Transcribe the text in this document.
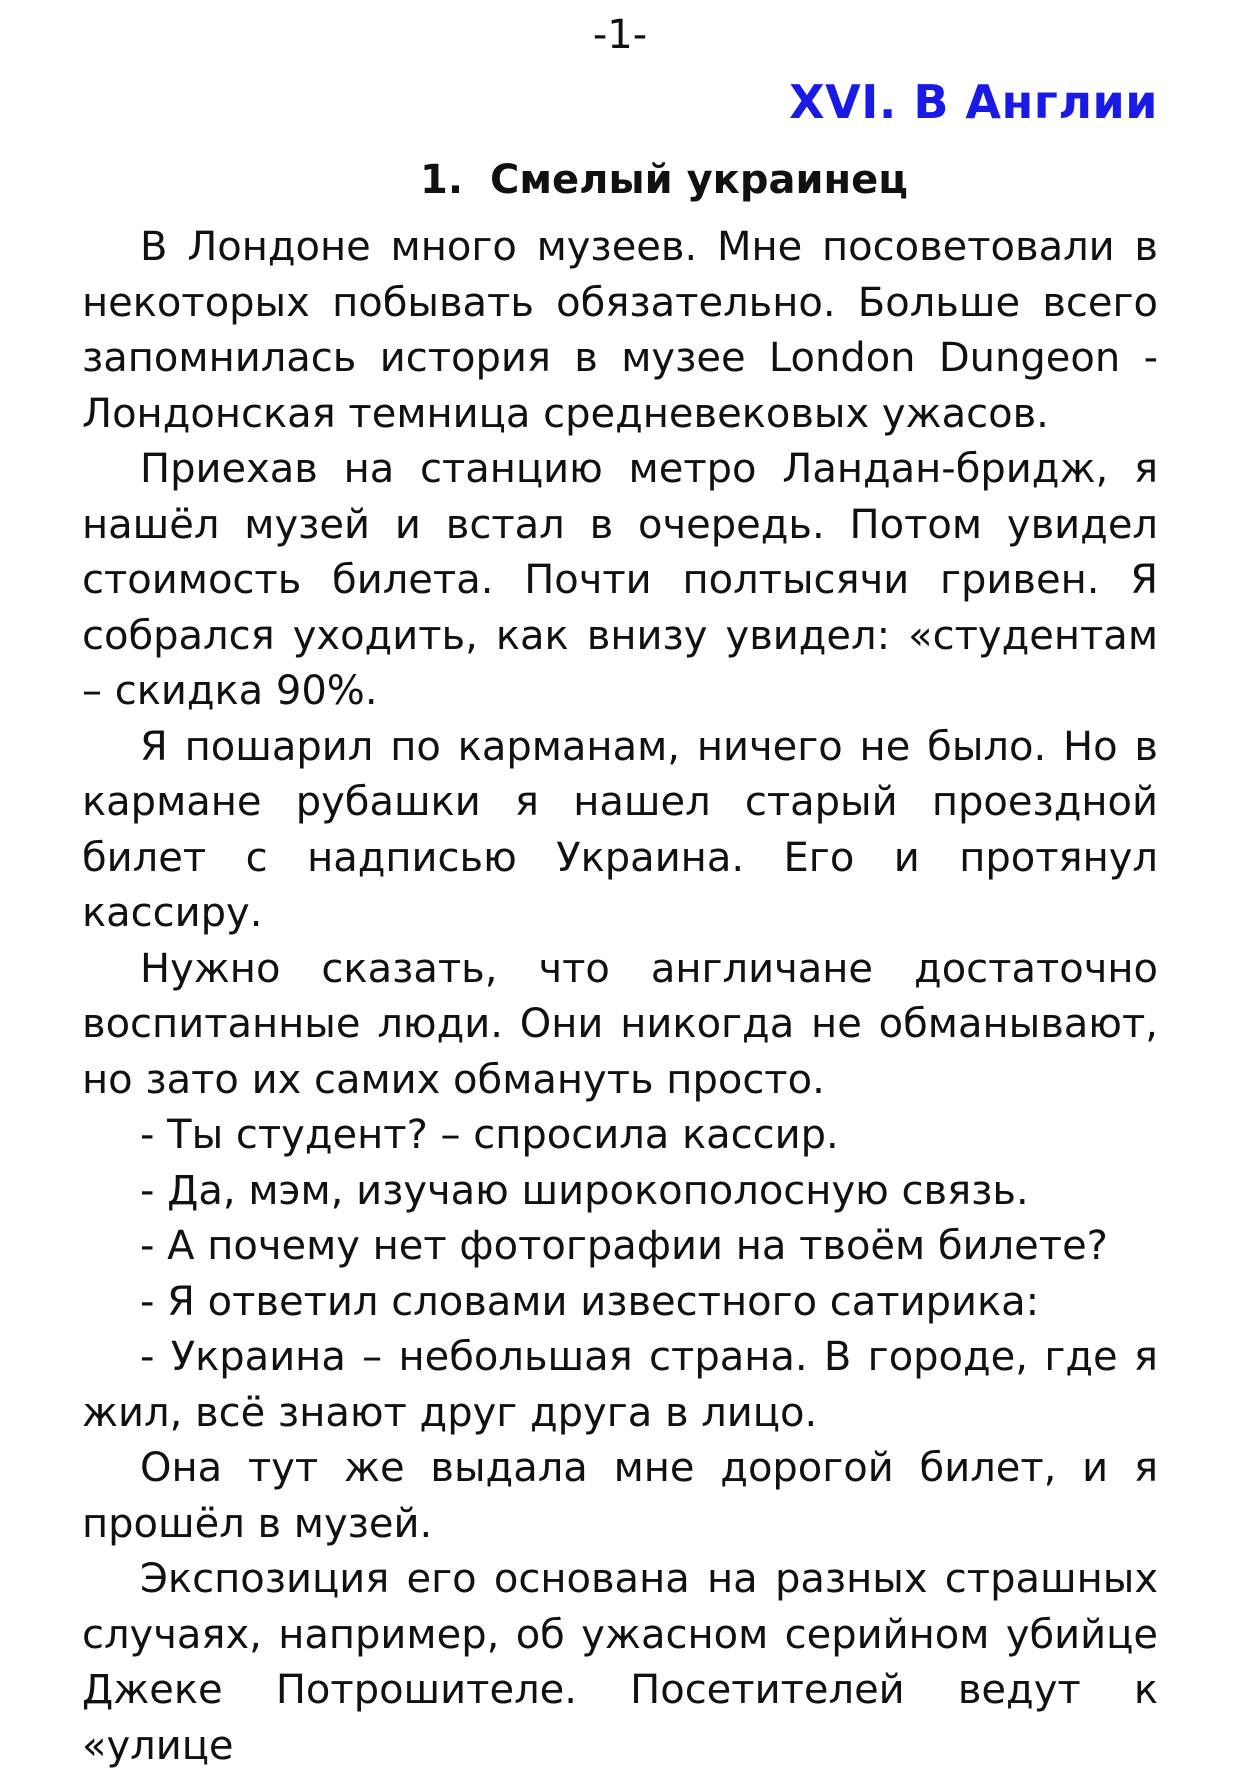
-1-
XVI. В Англии
1. Смелый украинец

В Лондоне много музеев. Мне посоветовали в некоторых побывать обязательно. Больше всего запомнилась история в музее London Dungeon - Лондонская темница средневековых ужасов.

Приехав на станцию метро Ландан-бридж, я нашёл музей и встал в очередь. Потом увидел стоимость билета. Почти полтысячи гривен. Я собрался уходить, как внизу увидел: «студентам – скидка 90%.

Я пошарил по карманам, ничего не было. Но в кармане рубашки я нашел старый проездной билет с надписью Украина. Его и протянул кассиру.

Нужно сказать, что англичане достаточно воспитанные люди. Они никогда не обманывают, но зато их самих обмануть просто.

- Ты студент? – спросила кассир.

- Да, мэм, изучаю широкополосную связь.

- А почему нет фотографии на твоём билете?

- Я ответил словами известного сатирика:

- Украина – небольшая страна. В городе, где я жил, всё знают друг друга в лицо.

Она тут же выдала мне дорогой билет, и я прошёл в музей.

Экспозиция его основана на разных страшных случаях, например, об ужасном серийном убийце Джеке Потрошителе. Посетителей ведут к «улице
